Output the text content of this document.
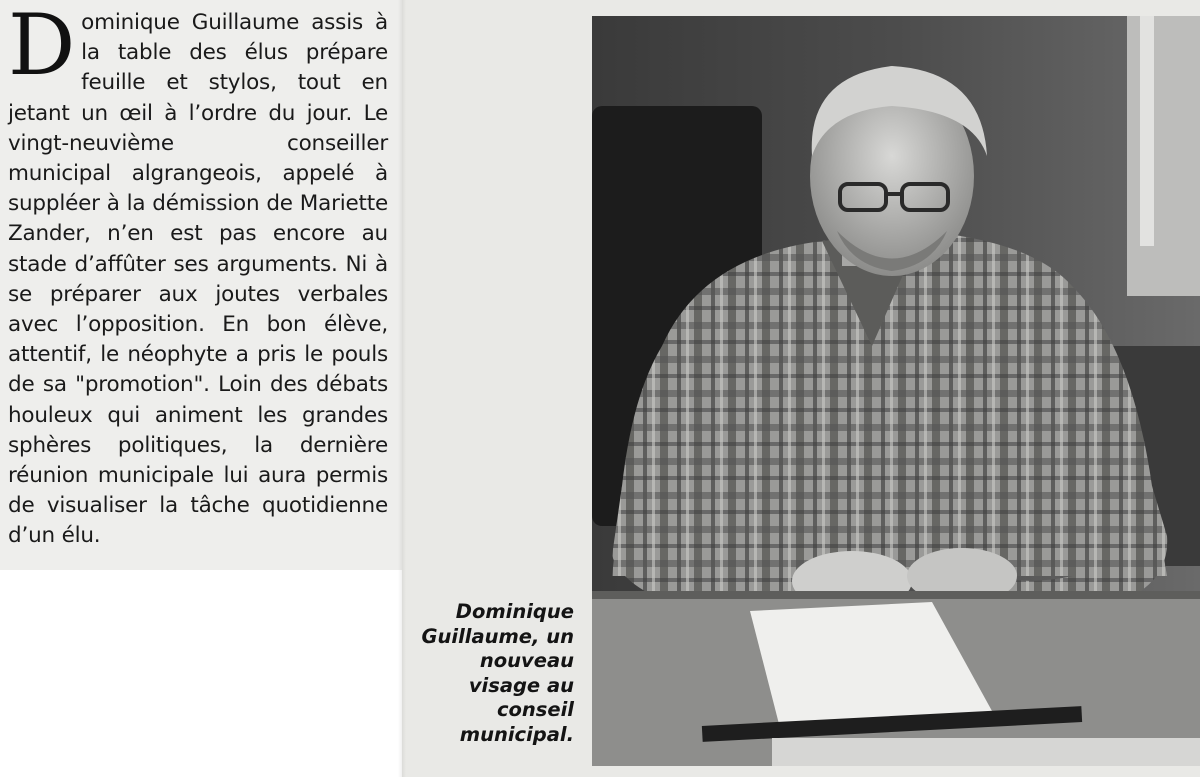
D ominique Guillaume assis à la table des élus prépare feuille et stylos, tout en jetant un œil à l’ordre du jour. Le vingt-neuvième conseiller municipal algrangeois, appelé à suppléer à la démission de Mariette Zander, n’en est pas encore au stade d’affûter ses arguments. Ni à se préparer aux joutes verbales avec l’opposition. En bon élève, attentif, le néophyte a pris le pouls de sa "promotion". Loin des débats houleux qui animent les grandes sphères politiques, la dernière réunion municipale lui aura permis de visualiser la tâche quotidienne d’un élu.
Dominique
Guillaume, un
nouveau
visage au
conseil
municipal.
